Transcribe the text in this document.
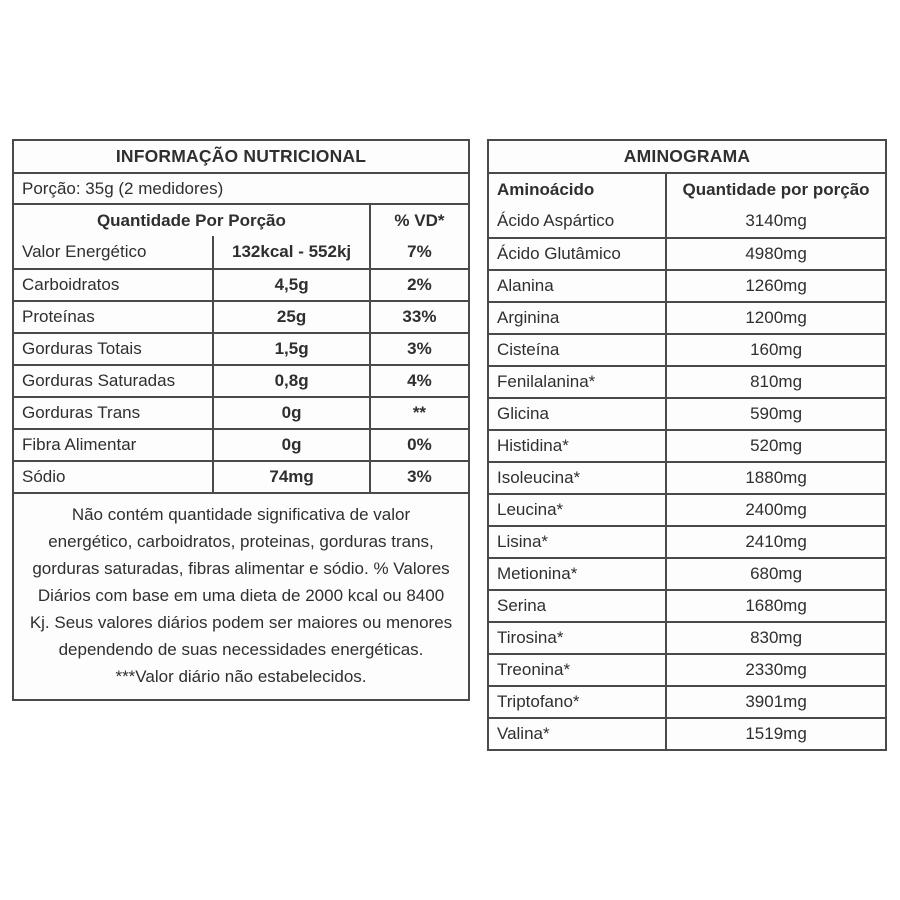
INFORMAÇÃO NUTRICIONAL
Porção: 35g (2 medidores)
Quantidade Por Porção	% VD*
Valor Energético	132kcal - 552kj	7%
Carboidratos	4,5g	2%
Proteínas	25g	33%
Gorduras Totais	1,5g	3%
Gorduras Saturadas	0,8g	4%
Gorduras Trans	0g	**
Fibra Alimentar	0g	0%
Sódio	74mg	3%
Não contém quantidade significativa de valor
energético, carboidratos, proteinas, gorduras trans,
gorduras saturadas, fibras alimentar e sódio. % Valores
Diários com base em uma dieta de 2000 kcal ou 8400
Kj. Seus valores diários podem ser maiores ou menores
dependendo de suas necessidades energéticas.
***Valor diário não estabelecidos.
AMINOGRAMA
Aminoácido	Quantidade por porção
Ácido Aspártico	3140mg
Ácido Glutâmico	4980mg
Alanina	1260mg
Arginina	1200mg
Cisteína	160mg
Fenilalanina*	810mg
Glicina	590mg
Histidina*	520mg
Isoleucina*	1880mg
Leucina*	2400mg
Lisina*	2410mg
Metionina*	680mg
Serina	1680mg
Tirosina*	830mg
Treonina*	2330mg
Triptofano*	3901mg
Valina*	1519mg
